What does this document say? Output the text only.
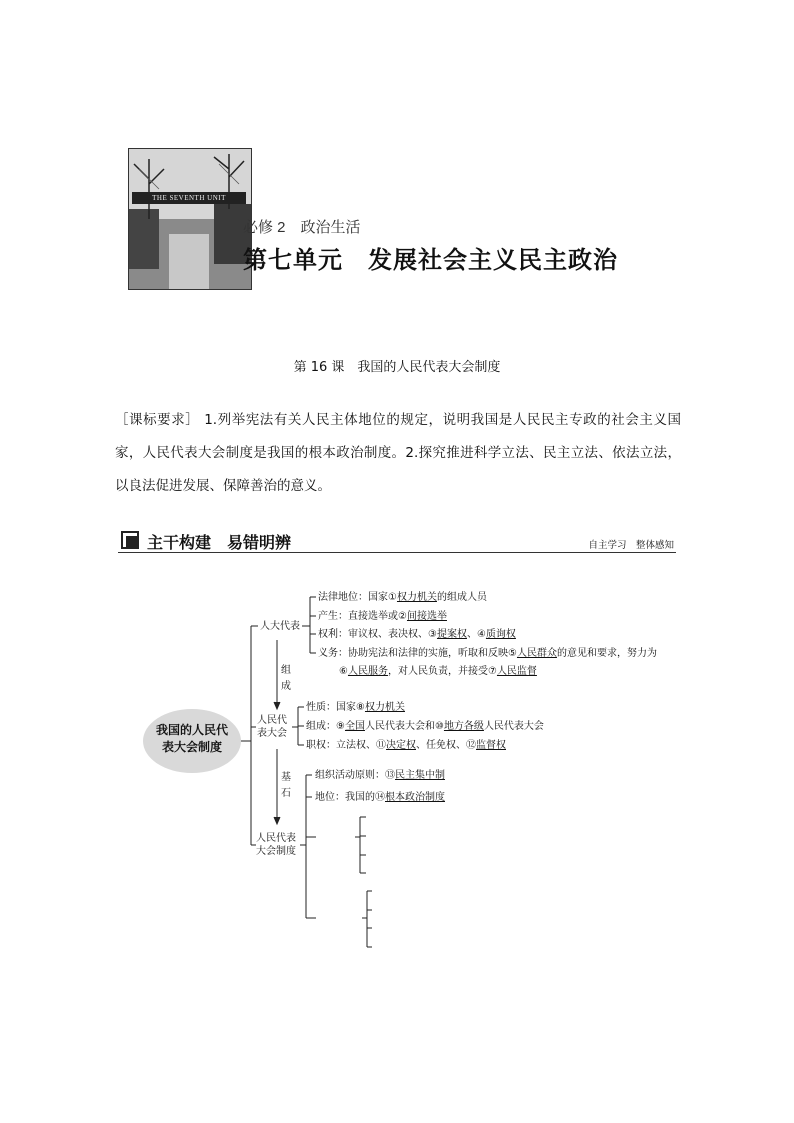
THE SEVENTH UNIT
必修 2　政治生活
第七单元　发展社会主义民主政治
第 16 课　我国的人民代表大会制度
［课标要求］ 1.列举宪法有关人民主体地位的规定，说明我国是人民民主专政的社会主义国家，人民代表大会制度是我国的根本政治制度。2.探究推进科学立法、民主立法、依法立法，以良法促进发展、保障善治的意义。
主干构建　易错明辨	自主学习　整体感知
我国的人民代
表大会制度
人大代表
法律地位：国家①权力机关的组成人员
产生：直接选举或②间接选举
权利：审议权、表决权、③提案权、④质询权
义务：协助宪法和法律的实施，听取和反映⑤人民群众的意见和要求，努力为
⑥人民服务，对人民负责，并接受⑦人民监督
组成
人民代
表大会
性质：国家⑧权力机关
组成：⑨全国人民代表大会和⑩地方各级人民代表大会
职权：立法权、⑪决定权、任免权、⑫监督权
基石
人民代表
大会制度
组织活动原则：⑬民主集中制
地位：我国的⑭根本政治制度
